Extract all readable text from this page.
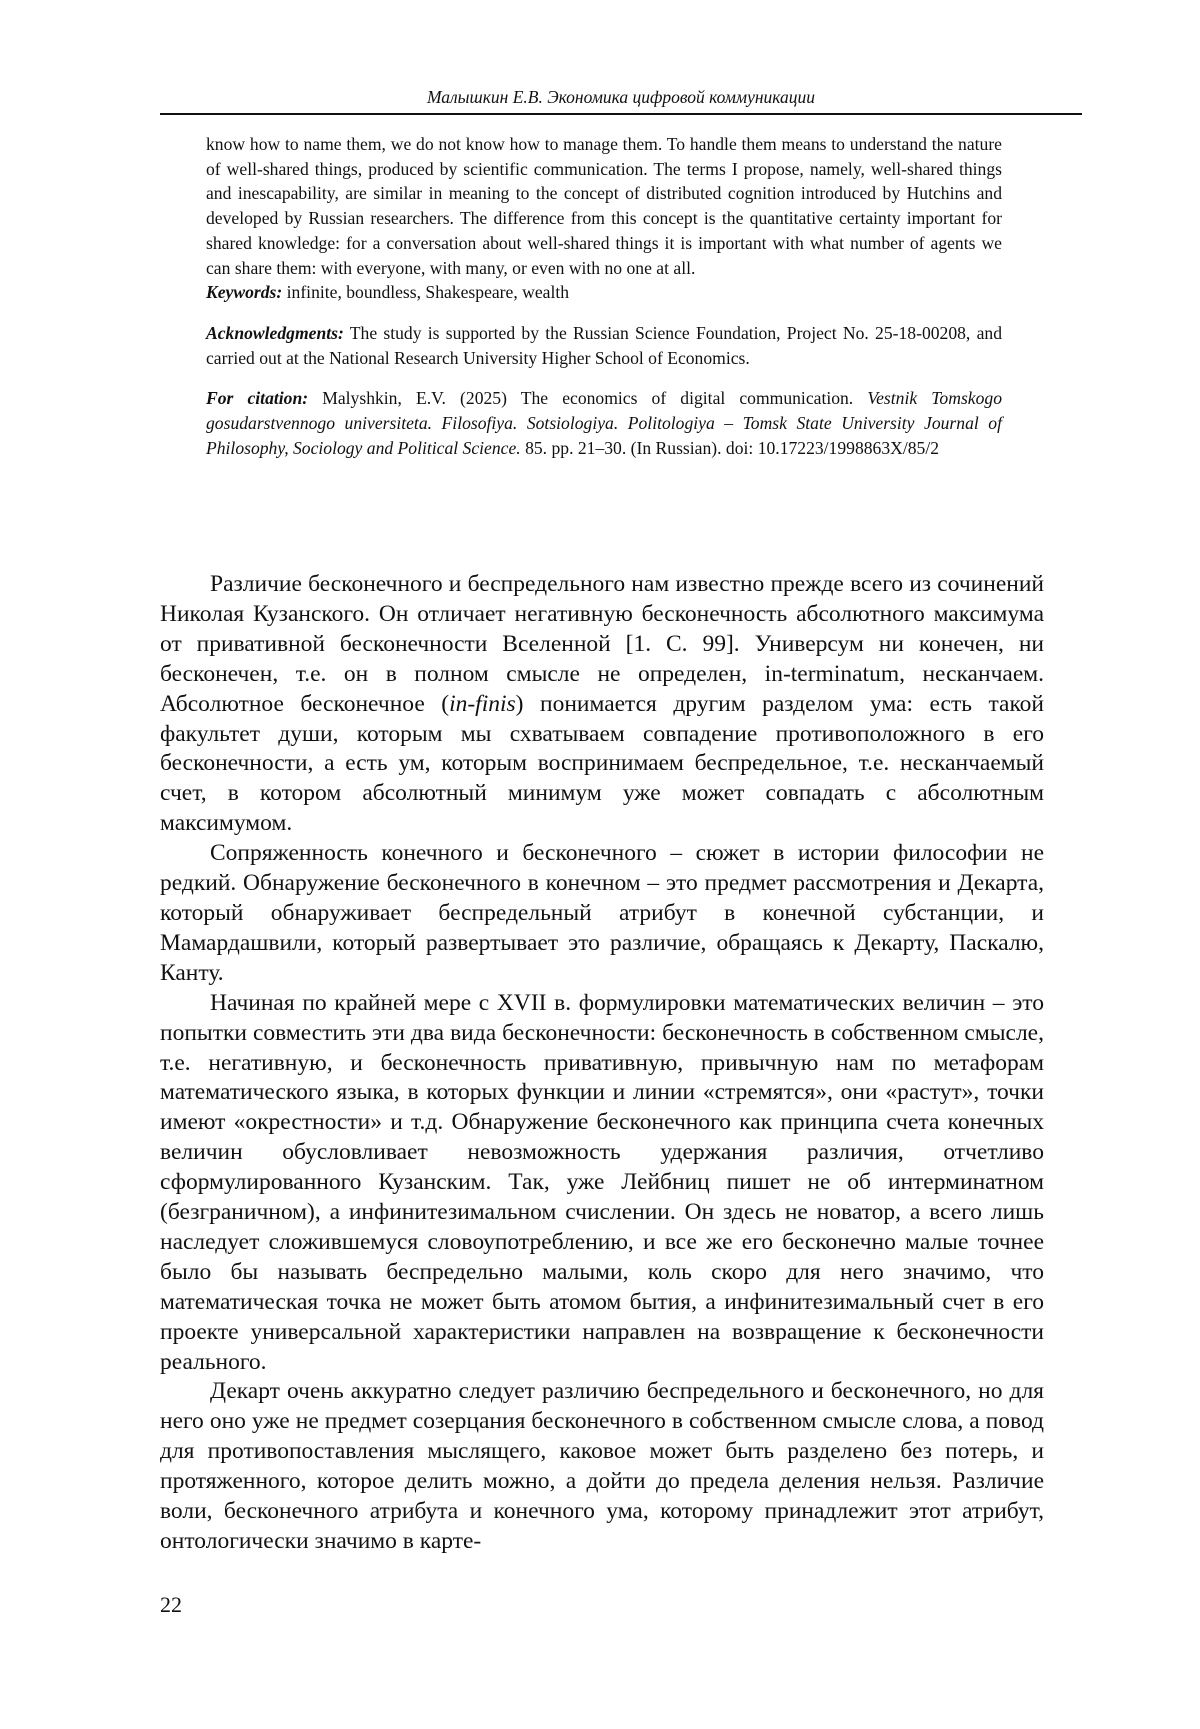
Малышкин Е.В. Экономика цифровой коммуникации

know how to name them, we do not know how to manage them. To handle them means to understand the nature of well-shared things, produced by scientific communication. The terms I propose, namely, well-shared things and inescapability, are similar in meaning to the concept of distributed cognition introduced by Hutchins and developed by Russian researchers. The difference from this concept is the quantitative certainty important for shared knowledge: for a conversation about well-shared things it is important with what number of agents we can share them: with everyone, with many, or even with no one at all.

Keywords: infinite, boundless, Shakespeare, wealth

Acknowledgments: The study is supported by the Russian Science Foundation, Project No. 25-18-00208, and carried out at the National Research University Higher School of Economics.

For citation: Malyshkin, E.V. (2025) The economics of digital communication. Vestnik Tomskogo gosudarstvennogo universiteta. Filosofiya. Sotsiologiya. Politologiya – Tomsk State University Journal of Philosophy, Sociology and Political Science. 85. pp. 21–30. (In Russian). doi: 10.17223/1998863X/85/2

Различие бесконечного и беспредельного нам известно прежде всего из сочинений Николая Кузанского. Он отличает негативную бесконечность абсолютного максимума от привативной бесконечности Вселенной [1. С. 99]. Универсум ни конечен, ни бесконечен, т.е. он в полном смысле не определен, in-terminatum, несканчаем. Абсолютное бесконечное (in-finis) понимается другим разделом ума: есть такой факультет души, которым мы схватываем совпадение противоположного в его бесконечности, а есть ум, которым воспринимаем беспредельное, т.е. несканчаемый счет, в котором абсолютный минимум уже может совпадать с абсолютным максимумом.

Сопряженность конечного и бесконечного – сюжет в истории философии не редкий. Обнаружение бесконечного в конечном – это предмет рассмотрения и Декарта, который обнаруживает беспредельный атрибут в конечной субстанции, и Мамардашвили, который развертывает это различие, обращаясь к Декарту, Паскалю, Канту.

Начиная по крайней мере с XVII в. формулировки математических величин – это попытки совместить эти два вида бесконечности: бесконечность в собственном смысле, т.е. негативную, и бесконечность привативную, привычную нам по метафорам математического языка, в которых функции и линии «стремятся», они «растут», точки имеют «окрестности» и т.д. Обнаружение бесконечного как принципа счета конечных величин обусловливает невозможность удержания различия, отчетливо сформулированного Кузанским. Так, уже Лейбниц пишет не об интерминатном (безграничном), а инфинитезимальном счислении. Он здесь не новатор, а всего лишь наследует сложившемуся словоупотреблению, и все же его бесконечно малые точнее было бы называть беспредельно малыми, коль скоро для него значимо, что математическая точка не может быть атомом бытия, а инфинитезимальный счет в его проекте универсальной характеристики направлен на возвращение к бесконечности реального.

Декарт очень аккуратно следует различию беспредельного и бесконечного, но для него оно уже не предмет созерцания бесконечного в собственном смысле слова, а повод для противопоставления мыслящего, каковое может быть разделено без потерь, и протяженного, которое делить можно, а дойти до предела деления нельзя. Различие воли, бесконечного атрибута и конечного ума, которому принадлежит этот атрибут, онтологически значимо в карте-

22
